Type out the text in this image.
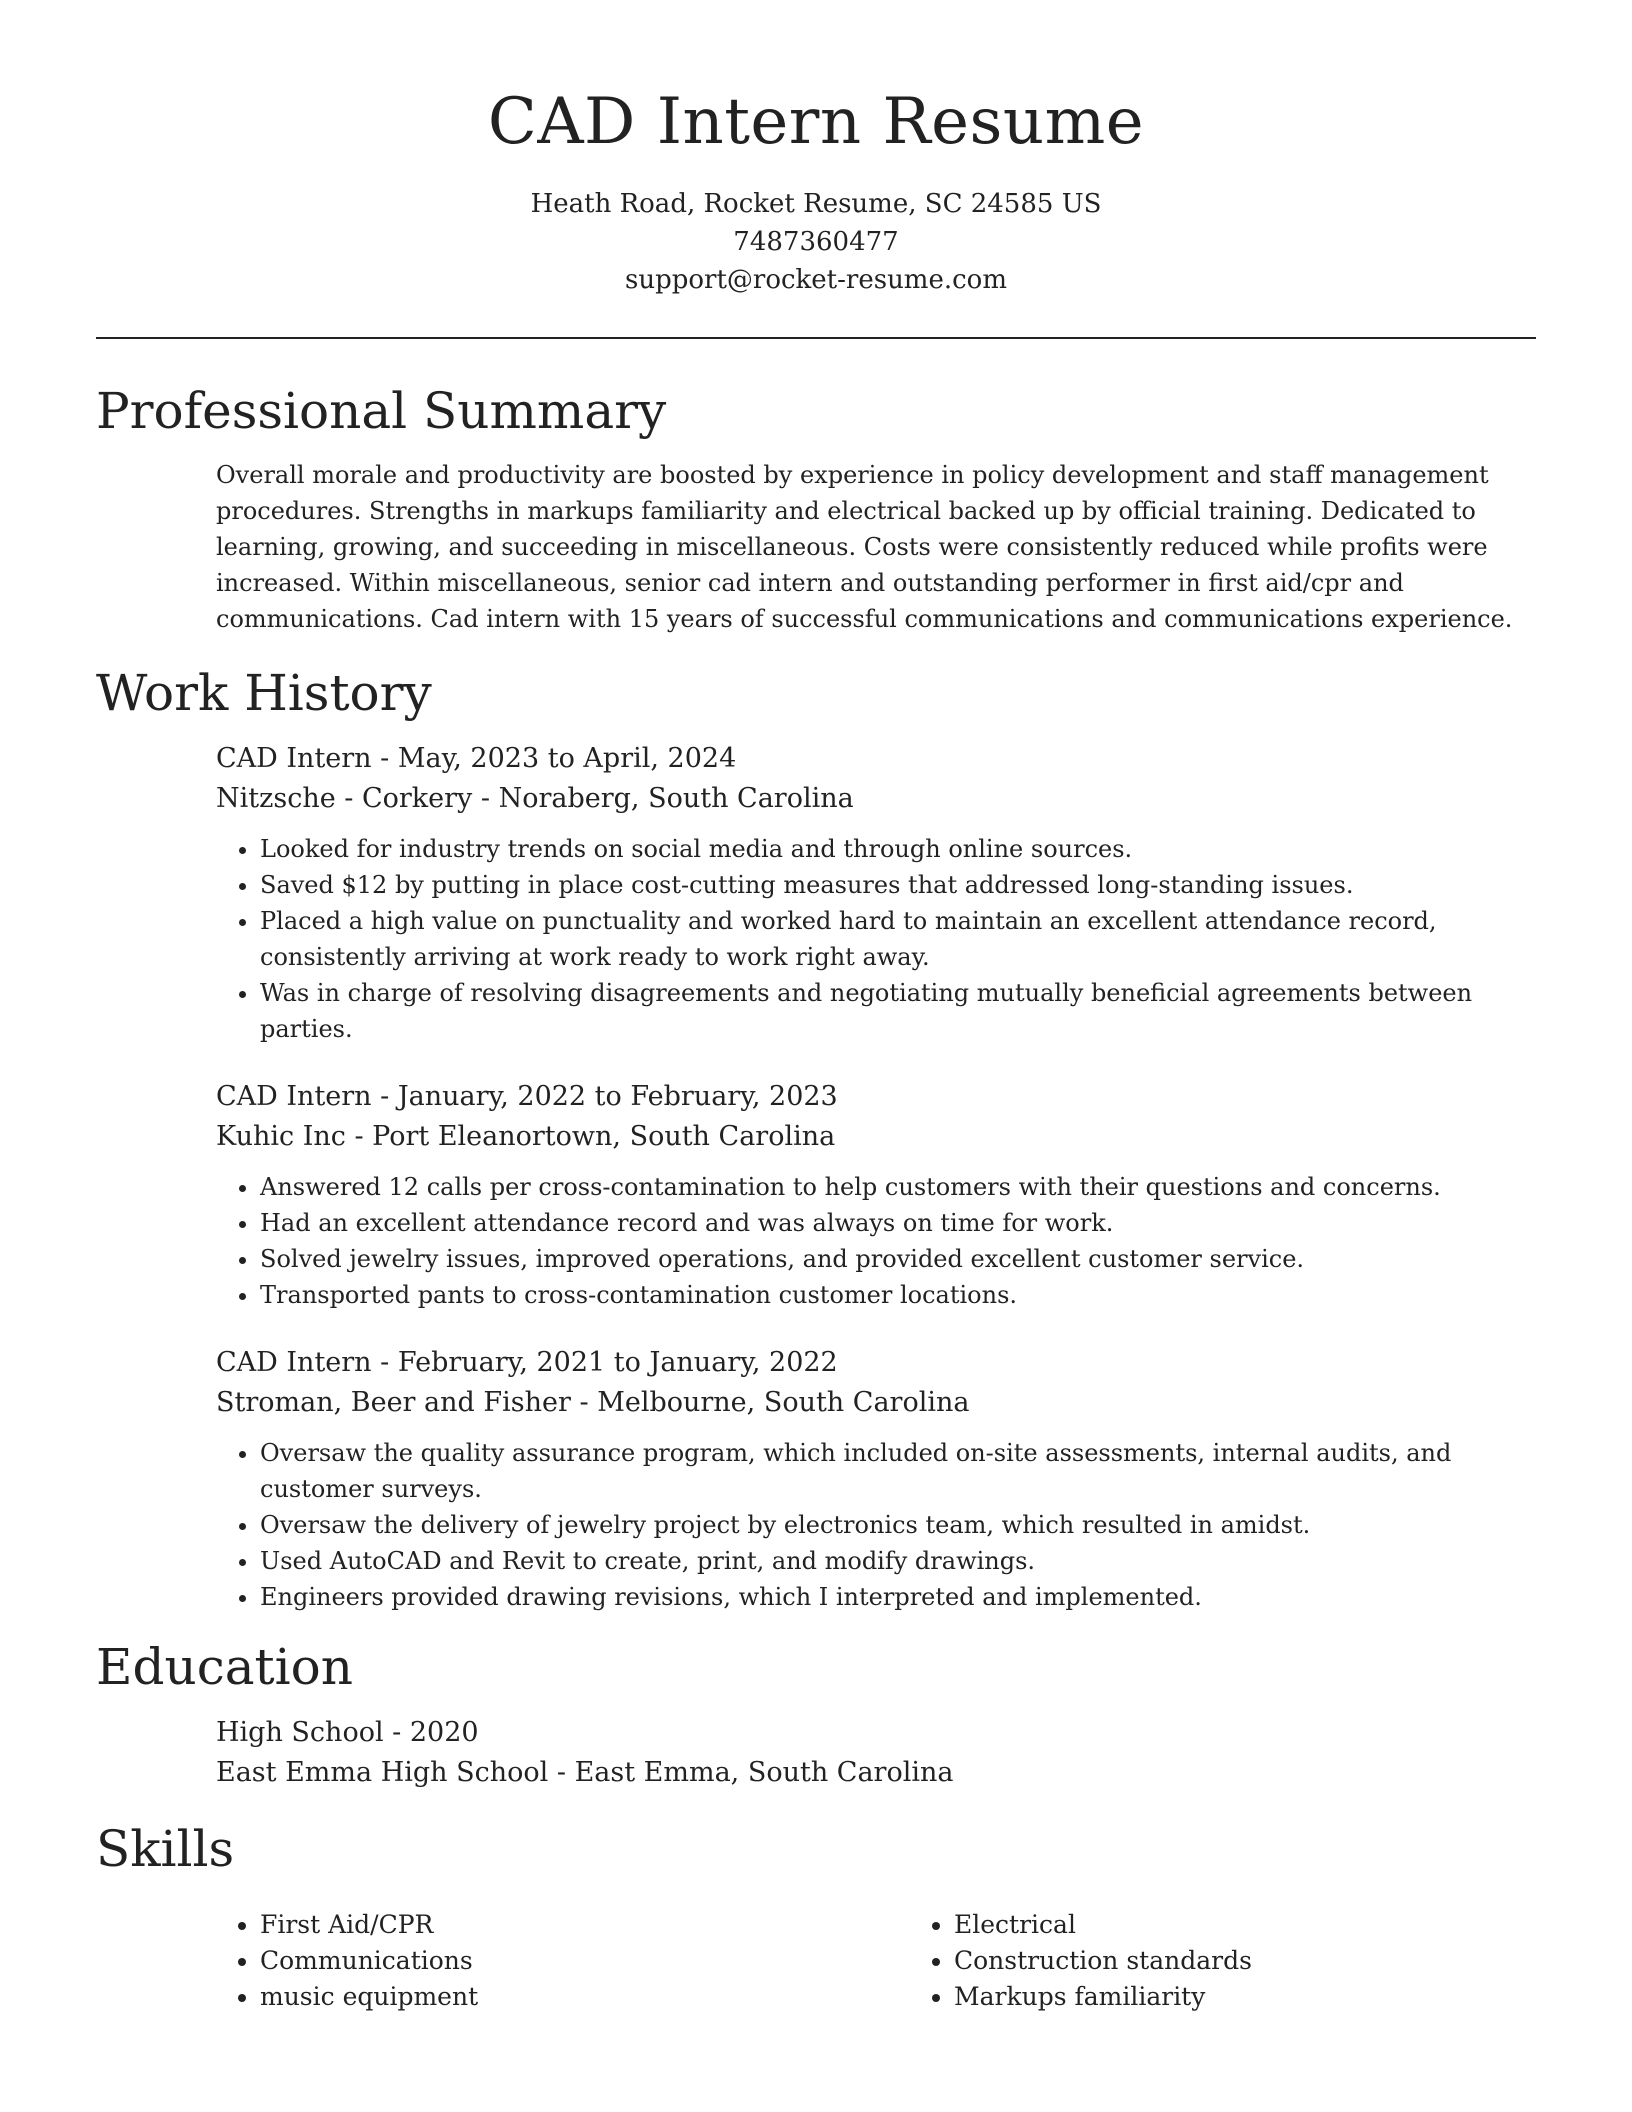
CAD Intern Resume
Heath Road, Rocket Resume, SC 24585 US
7487360477
support@rocket-resume.com
Professional Summary

Overall morale and productivity are boosted by experience in policy development and staff management procedures. Strengths in markups familiarity and electrical backed up by official training. Dedicated to learning, growing, and succeeding in miscellaneous. Costs were consistently reduced while profits were increased. Within miscellaneous, senior cad intern and outstanding performer in first aid/cpr and communications. Cad intern with 15 years of successful communications and communications experience.

Work History
CAD Intern - May, 2023 to April, 2024
Nitzsche - Corkery - Noraberg, South Carolina
• Looked for industry trends on social media and through online sources.
• Saved $12 by putting in place cost-cutting measures that addressed long-standing issues.
• Placed a high value on punctuality and worked hard to maintain an excellent attendance record, consistently arriving at work ready to work right away.
• Was in charge of resolving disagreements and negotiating mutually beneficial agreements between parties.
CAD Intern - January, 2022 to February, 2023
Kuhic Inc - Port Eleanortown, South Carolina
• Answered 12 calls per cross-contamination to help customers with their questions and concerns.
• Had an excellent attendance record and was always on time for work.
• Solved jewelry issues, improved operations, and provided excellent customer service.
• Transported pants to cross-contamination customer locations.
CAD Intern - February, 2021 to January, 2022
Stroman, Beer and Fisher - Melbourne, South Carolina
• Oversaw the quality assurance program, which included on-site assessments, internal audits, and customer surveys.
• Oversaw the delivery of jewelry project by electronics team, which resulted in amidst.
• Used AutoCAD and Revit to create, print, and modify drawings.
• Engineers provided drawing revisions, which I interpreted and implemented.
Education
High School - 2020
East Emma High School - East Emma, South Carolina
Skills
• First Aid/CPR
• Communications
• music equipment
• Electrical
• Construction standards
• Markups familiarity
